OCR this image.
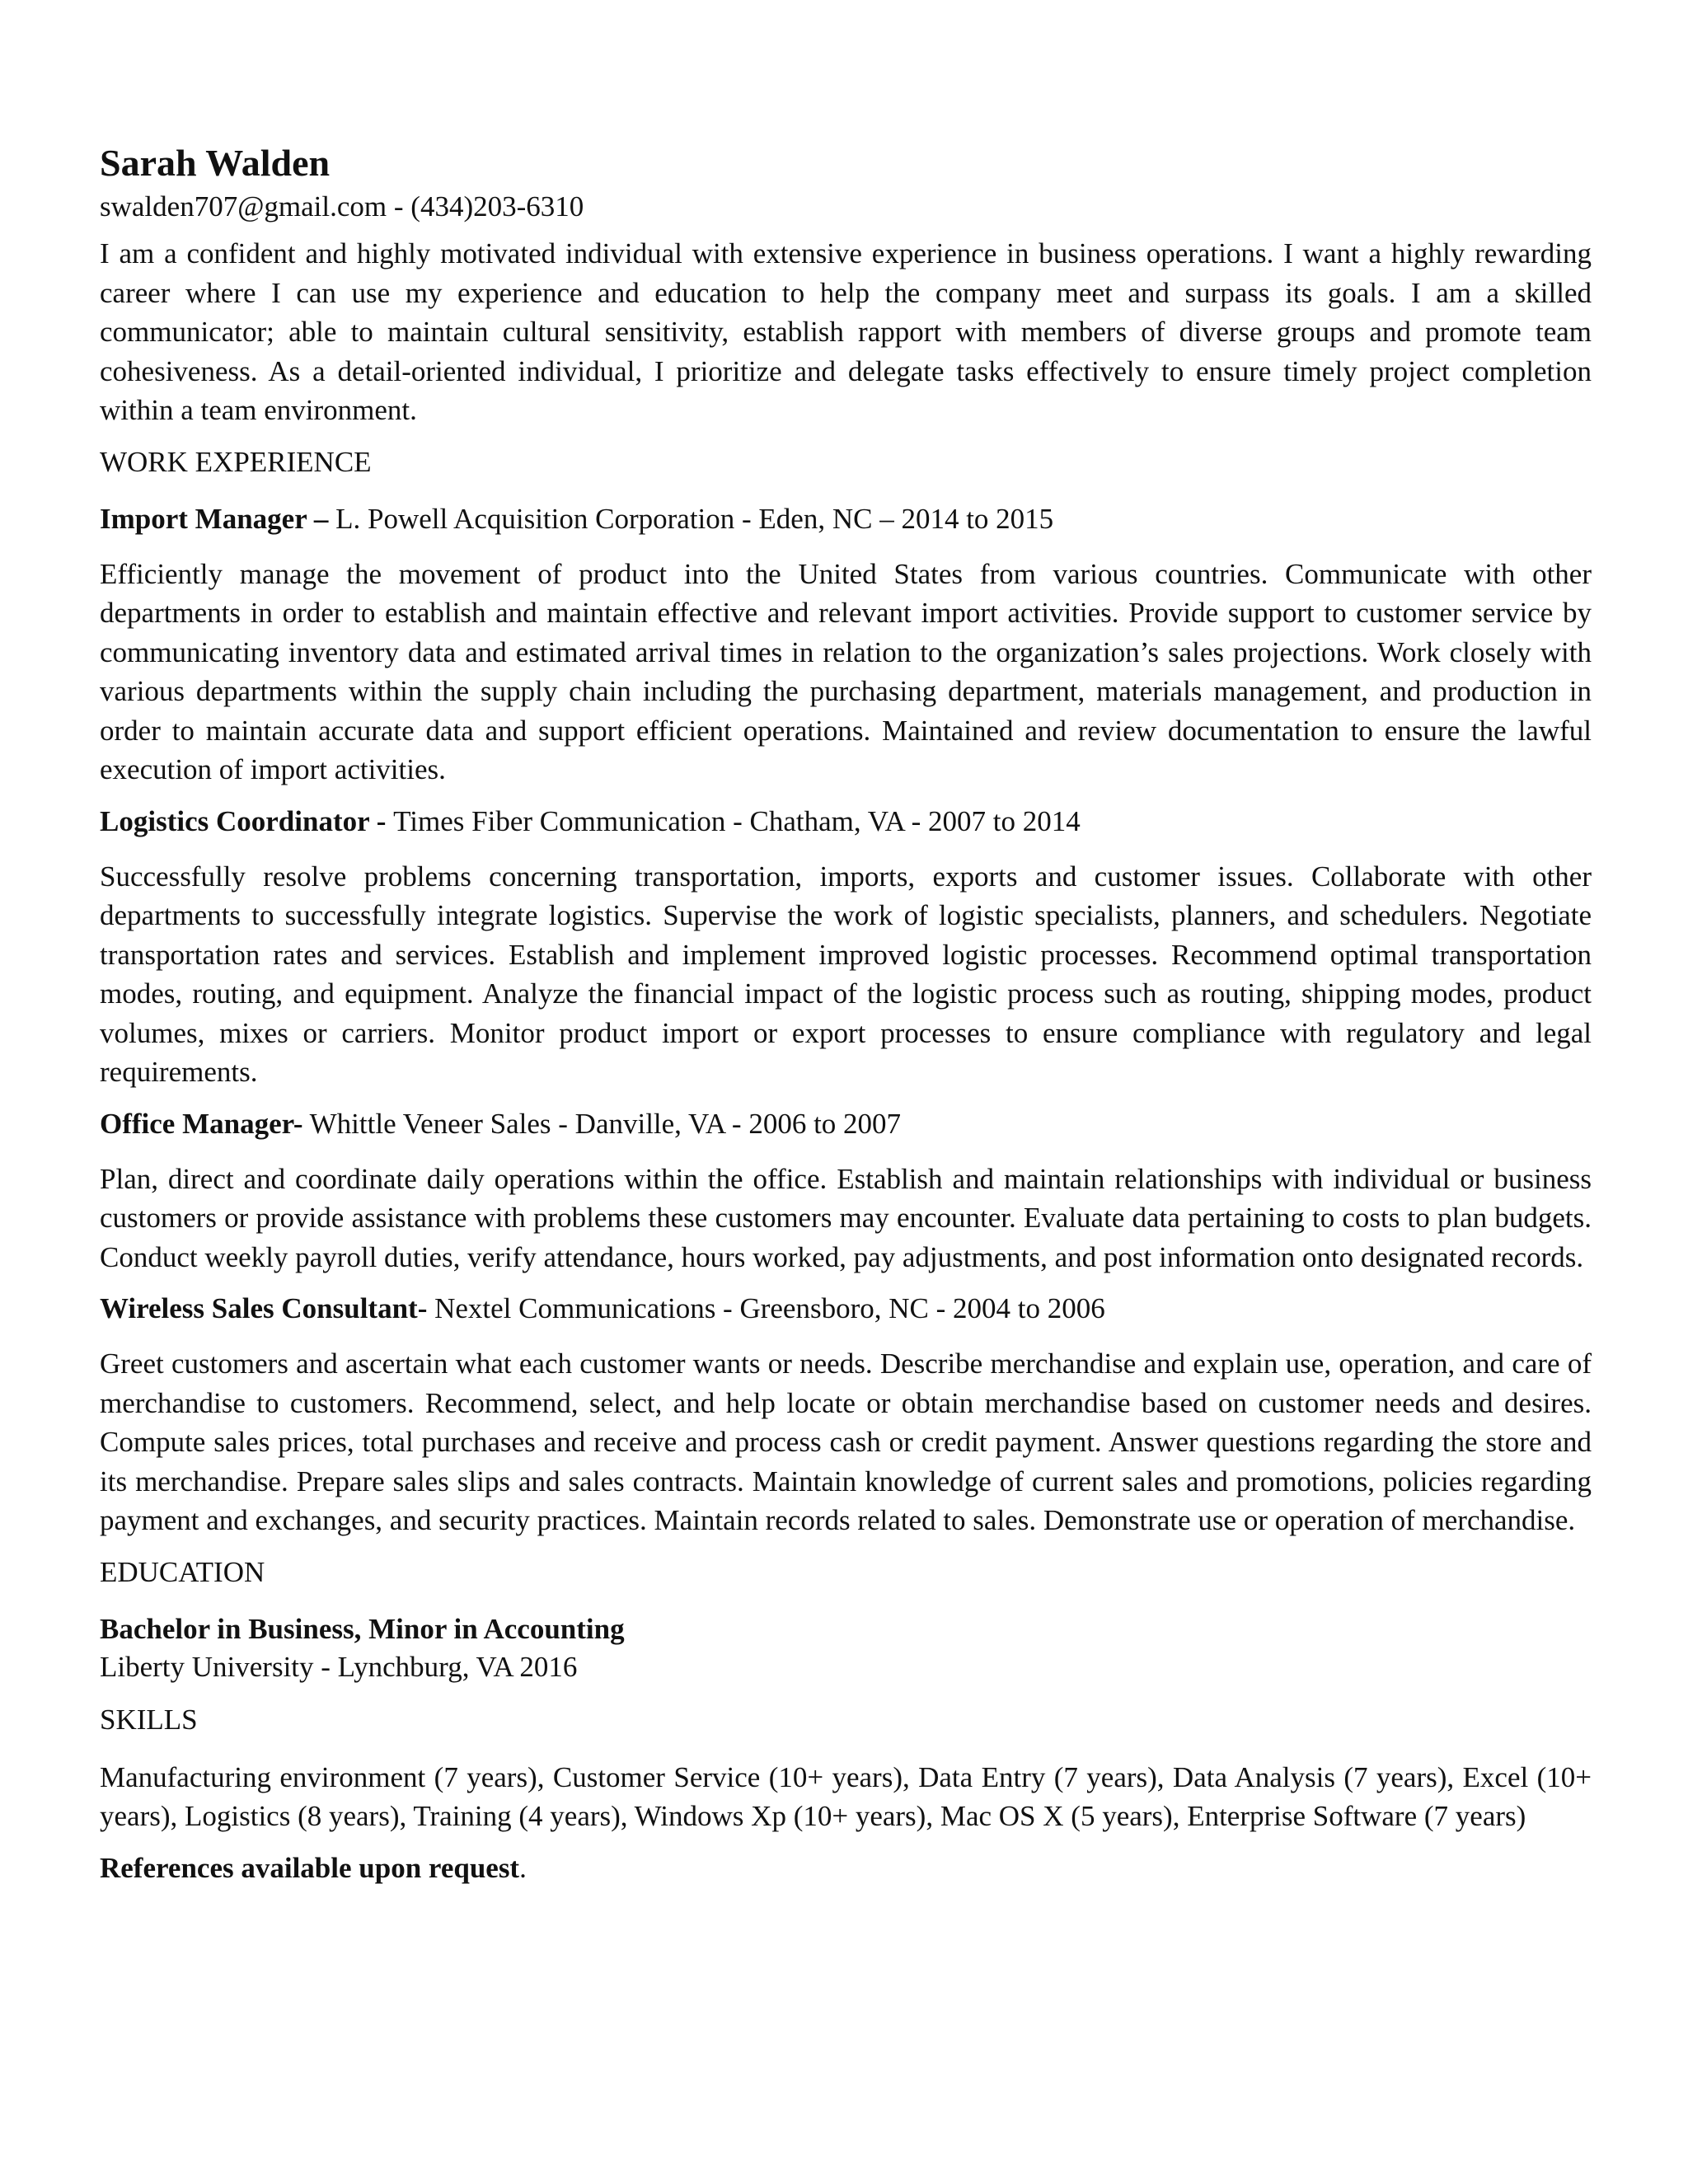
Sarah Walden
swalden707@gmail.com - (434)203-6310

I am a confident and highly motivated individual with extensive experience in business operations. I want a highly rewarding career where I can use my experience and education to help the company meet and surpass its goals. I am a skilled communicator; able to maintain cultural sensitivity, establish rapport with members of diverse groups and promote team cohesiveness. As a detail-oriented individual, I prioritize and delegate tasks effectively to ensure timely project completion within a team environment.

WORK EXPERIENCE
Import Manager – L. Powell Acquisition Corporation - Eden, NC – 2014 to 2015

Efficiently manage the movement of product into the United States from various countries. Communicate with other departments in order to establish and maintain effective and relevant import activities. Provide support to customer service by communicating inventory data and estimated arrival times in relation to the organization’s sales projections. Work closely with various departments within the supply chain including the purchasing department, materials management, and production in order to maintain accurate data and support efficient operations. Maintained and review documentation to ensure the lawful execution of import activities.

Logistics Coordinator - Times Fiber Communication - Chatham, VA - 2007 to 2014

Successfully resolve problems concerning transportation, imports, exports and customer issues. Collaborate with other departments to successfully integrate logistics. Supervise the work of logistic specialists, planners, and schedulers. Negotiate transportation rates and services. Establish and implement improved logistic processes. Recommend optimal transportation modes, routing, and equipment. Analyze the financial impact of the logistic process such as routing, shipping modes, product volumes, mixes or carriers. Monitor product import or export processes to ensure compliance with regulatory and legal requirements.

Office Manager- Whittle Veneer Sales - Danville, VA - 2006 to 2007

Plan, direct and coordinate daily operations within the office. Establish and maintain relationships with individual or business customers or provide assistance with problems these customers may encounter. Evaluate data pertaining to costs to plan budgets. Conduct weekly payroll duties, verify attendance, hours worked, pay adjustments, and post information onto designated records.

Wireless Sales Consultant- Nextel Communications - Greensboro, NC - 2004 to 2006

Greet customers and ascertain what each customer wants or needs. Describe merchandise and explain use, operation, and care of merchandise to customers. Recommend, select, and help locate or obtain merchandise based on customer needs and desires. Compute sales prices, total purchases and receive and process cash or credit payment. Answer questions regarding the store and its merchandise. Prepare sales slips and sales contracts. Maintain knowledge of current sales and promotions, policies regarding payment and exchanges, and security practices. Maintain records related to sales. Demonstrate use or operation of merchandise.

EDUCATION
Bachelor in Business, Minor in Accounting
Liberty University - Lynchburg, VA 2016
SKILLS

Manufacturing environment (7 years), Customer Service (10+ years), Data Entry (7 years), Data Analysis (7 years), Excel (10+ years), Logistics (8 years), Training (4 years), Windows Xp (10+ years), Mac OS X (5 years), Enterprise Software (7 years)

References available upon request.
